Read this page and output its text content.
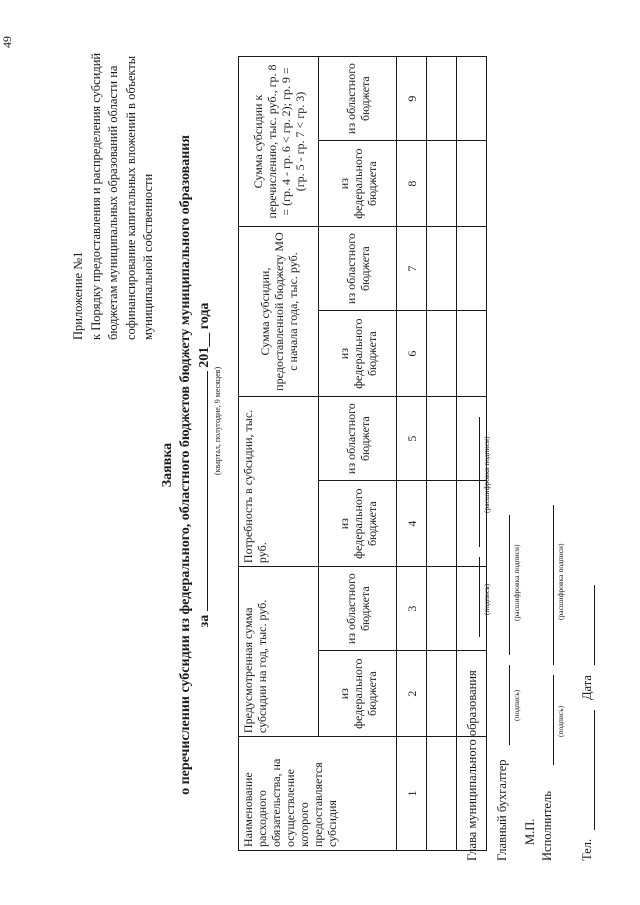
49
Приложение №1 к Порядку предоставления и распределения субсидий бюджетам муниципальных образований области на софинансирование капитальных вложений в объекты муниципальной собственности
Заявка о перечислении субсидии из федерального, областного бюджетов бюджету муниципального образования за  201__ года
(квартал, полугодие, 9 месяцев)
Наименование расходного обязательства, на осуществление которого предоставляется субсидия	Предусмотренная сумма субсидии на год, тыс. руб.		Потребность в субсидии, тыс. руб.		Сумма субсидии, предоставленной бюджету МО с начала года, тыс. руб.		Сумма субсидии к перечислению, тыс. руб., гр. 8 = (гр. 4 - гр. 6 < гр. 2); гр. 9 = (гр. 5 - гр. 7 < гр. 3)	
	из федерального бюджета	из областного бюджета	из федерального бюджета	из областного бюджета	из федерального бюджета	из областного бюджета	из федерального бюджета	из областного бюджета
1	2	3	4	5	6	7	8	9

Глава муниципального образования
(подпись)
(расшифровка подписи)
Главный бухгалтер
(подпись)
(расшифровка подписи)
М.П. Исполнитель
(подпись)
(расшифровка подписи)
Тел.
Дата
